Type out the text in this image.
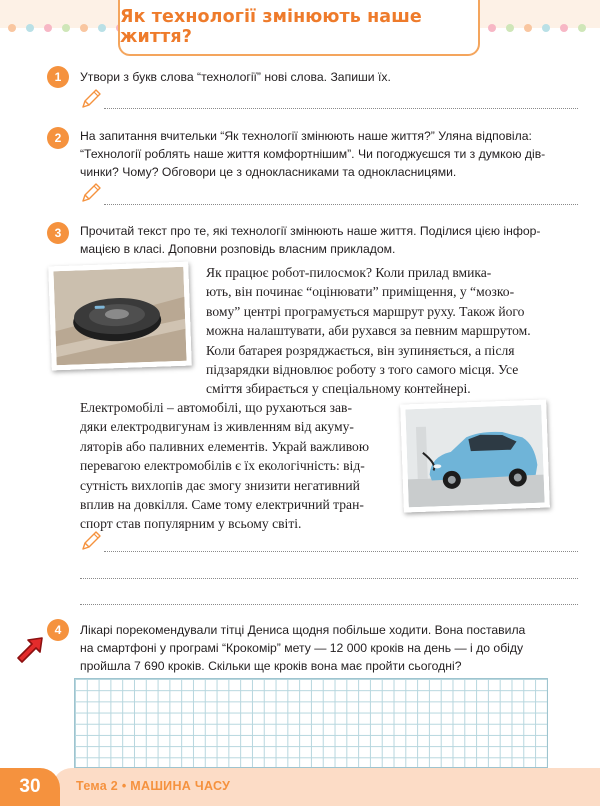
Як технології змінюють наше життя?
1	Утвори з букв слова “технології” нові слова. Запиши їх.
2	На запитання вчительки “Як технології змінюють наше життя?” Уляна відповіла:
“Технології роблять наше життя комфортнішим”. Чи погоджуєшся ти з думкою дів-
чинки? Чому? Обговори це з однокласниками та однокласницями.
3	Прочитай текст про те, які технології змінюють наше життя. Поділися цією інфор-
мацією в класі. Доповни розповідь власним прикладом.
Як працює робот-пилосмок? Коли прилад вмика-
ють, він починає “оцінювати” приміщення, у “мозко-
вому” центрі програмується маршрут руху. Також його
можна налаштувати, аби рухався за певним маршрутом.
Коли батарея розряджається, він зупиняється, а після
підзарядки відновлює роботу з того самого місця. Усе
сміття збирається у спеціальному контейнері.
Електромобілі – автомобілі, що рухаються зав-
дяки електродвигунам із живленням від акуму-
ляторів або паливних елементів. Укрaй важливою
перевагою електромобілів є їх екологічність: від-
сутність вихлопів дає змогу знизити негативний
вплив на довкілля. Саме тому електричний тран-
спорт став популярним у всьому світі.
4	Лікарі порекомендували тітці Дениса щодня побільше ходити. Вона поставила
на смартфоні у програмі “Крокомір” мету — 12 000 кроків на день — і до обіду
пройшла 7 690 кроків. Скільки ще кроків вона має пройти сьогодні?
30	Тема 2 • МАШИНА ЧАСУ
